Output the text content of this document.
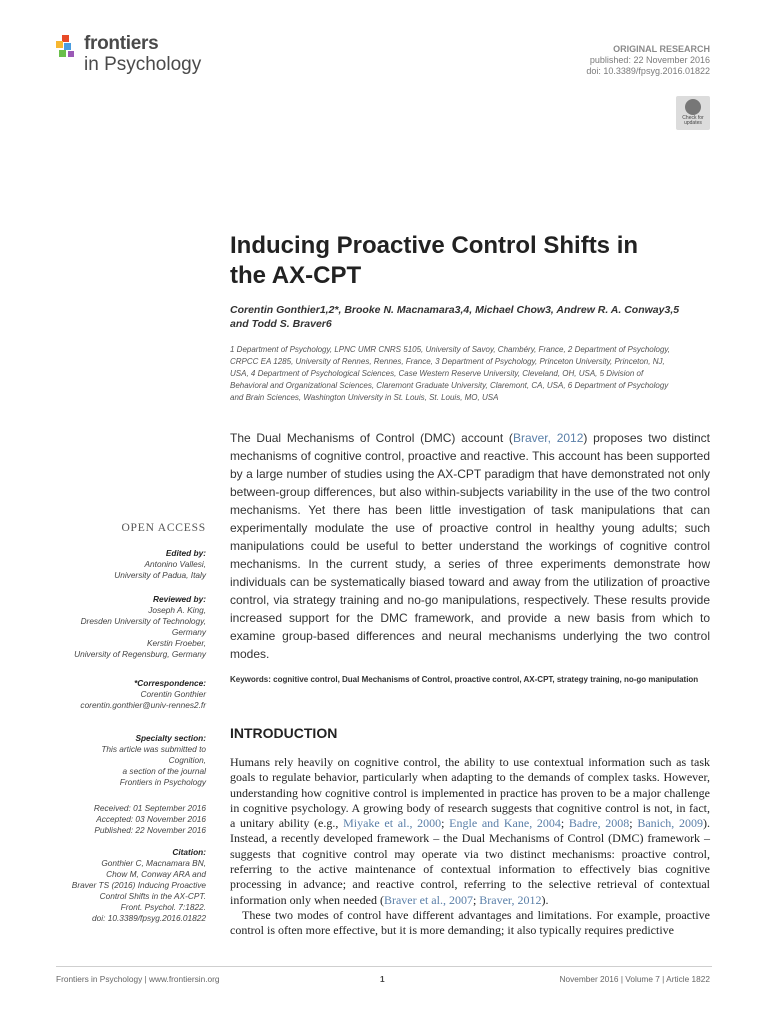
frontiers
in Psychology
ORIGINAL RESEARCH
published: 22 November 2016
doi: 10.3389/fpsyg.2016.01822
Check for
updates
Inducing Proactive Control Shifts in
the AX-CPT
Corentin Gonthier1,2*, Brooke N. Macnamara3,4, Michael Chow3, Andrew R. A. Conway3,5
and Todd S. Braver6
1 Department of Psychology, LPNC UMR CNRS 5105, University of Savoy, Chambéry, France, 2 Department of Psychology,
CRPCC EA 1285, University of Rennes, Rennes, France, 3 Department of Psychology, Princeton University, Princeton, NJ,
USA, 4 Department of Psychological Sciences, Case Western Reserve University, Cleveland, OH, USA, 5 Division of
Behavioral and Organizational Sciences, Claremont Graduate University, Claremont, CA, USA, 6 Department of Psychology
and Brain Sciences, Washington University in St. Louis, St. Louis, MO, USA
The Dual Mechanisms of Control (DMC) account (Braver, 2012) proposes two distinct mechanisms of cognitive control, proactive and reactive. This account has been supported by a large number of studies using the AX-CPT paradigm that have demonstrated not only between-group differences, but also within-subjects variability in the use of the two control mechanisms. Yet there has been little investigation of task manipulations that can experimentally modulate the use of proactive control in healthy young adults; such manipulations could be useful to better understand the workings of cognitive control mechanisms. In the current study, a series of three experiments demonstrate how individuals can be systematically biased toward and away from the utilization of proactive control, via strategy training and no-go manipulations, respectively. These results provide increased support for the DMC framework, and provide a new basis from which to examine group-based differences and neural mechanisms underlying the two control modes.
Keywords: cognitive control, Dual Mechanisms of Control, proactive control, AX-CPT, strategy training, no-go manipulation
OPEN ACCESS
Edited by:
Antonino Vallesi,
University of Padua, Italy
Reviewed by:
Joseph A. King,
Dresden University of Technology,
Germany
Kerstin Froeber,
University of Regensburg, Germany
*Correspondence:
Corentin Gonthier
corentin.gonthier@univ-rennes2.fr
Specialty section:
This article was submitted to
Cognition,
a section of the journal
Frontiers in Psychology
Received: 01 September 2016
Accepted: 03 November 2016
Published: 22 November 2016
Citation:
Gonthier C, Macnamara BN,
Chow M, Conway ARA and
Braver TS (2016) Inducing Proactive
Control Shifts in the AX-CPT.
Front. Psychol. 7:1822.
doi: 10.3389/fpsyg.2016.01822
INTRODUCTION
Humans rely heavily on cognitive control, the ability to use contextual information such as task goals to regulate behavior, particularly when adapting to the demands of complex tasks. However, understanding how cognitive control is implemented in practice has proven to be a major challenge in cognitive psychology. A growing body of research suggests that cognitive control is not, in fact, a unitary ability (e.g., Miyake et al., 2000; Engle and Kane, 2004; Badre, 2008; Banich, 2009). Instead, a recently developed framework – the Dual Mechanisms of Control (DMC) framework – suggests that cognitive control may operate via two distinct mechanisms: proactive control, referring to the active maintenance of contextual information to effectively bias cognitive processing in advance; and reactive control, referring to the selective retrieval of contextual information only when needed (Braver et al., 2007; Braver, 2012).
These two modes of control have different advantages and limitations. For example, proactive control is often more effective, but it is more demanding; it also typically requires predictive
Frontiers in Psychology | www.frontiersin.org	1	November 2016 | Volume 7 | Article 1822
